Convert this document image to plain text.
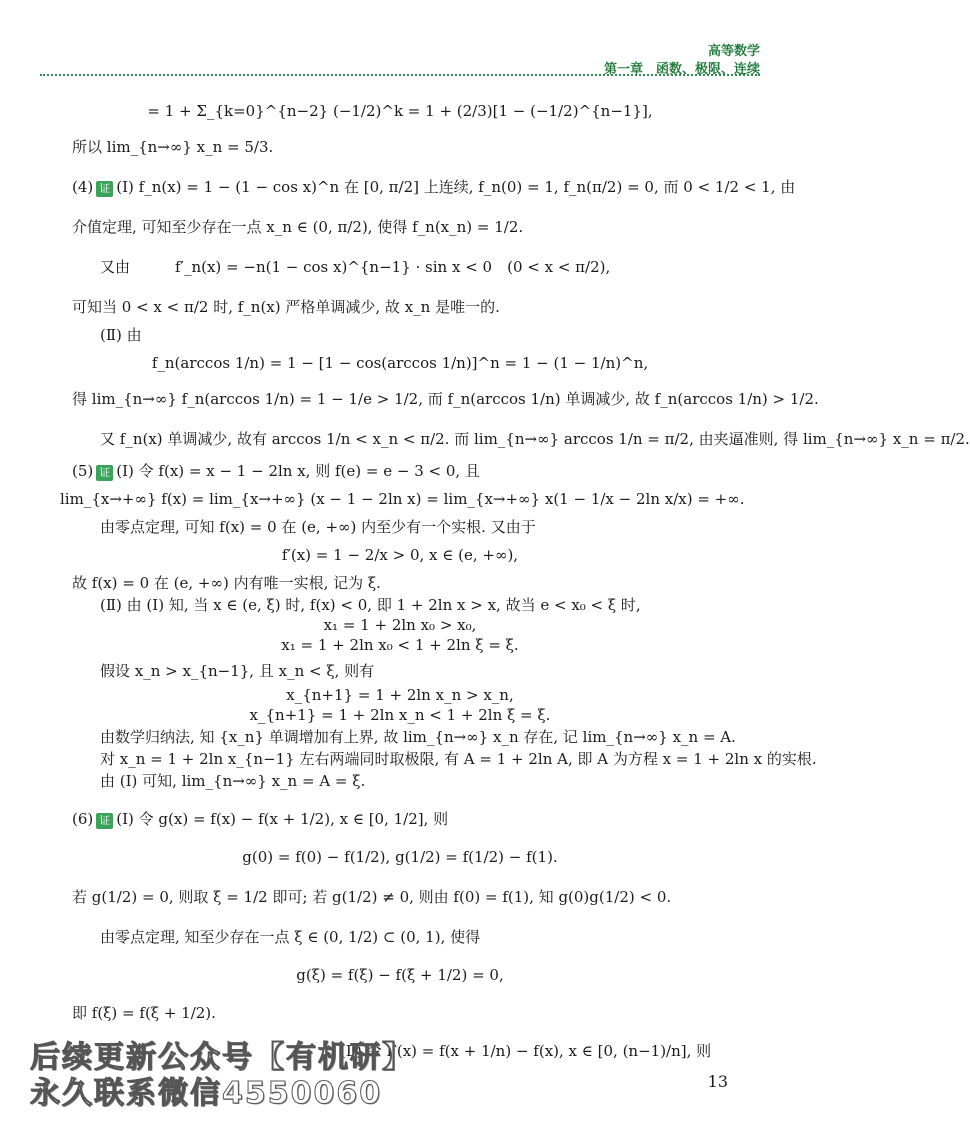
高等数学
第一章　函数、极限、连续
= 1 + Σ_{k=0}^{n−2} (−1/2)^k = 1 + (2/3)[1 − (−1/2)^{n−1}],
所以 lim_{n→∞} x_n = 5/3.
(4) 证 (Ⅰ) f_n(x) = 1 − (1 − cos x)^n 在 [0, π/2] 上连续, f_n(0) = 1, f_n(π/2) = 0, 而 0 < 1/2 < 1, 由
介值定理, 可知至少存在一点 x_n ∈ (0, π/2), 使得 f_n(x_n) = 1/2.
又由　　　f′_n(x) = −n(1 − cos x)^{n−1} · sin x < 0　(0 < x < π/2),
可知当 0 < x < π/2 时, f_n(x) 严格单调减少, 故 x_n 是唯一的.
(Ⅱ) 由
f_n(arccos 1/n) = 1 − [1 − cos(arccos 1/n)]^n = 1 − (1 − 1/n)^n,
得 lim_{n→∞} f_n(arccos 1/n) = 1 − 1/e > 1/2, 而 f_n(arccos 1/n) 单调减少, 故 f_n(arccos 1/n) > 1/2.
又 f_n(x) 单调减少, 故有 arccos 1/n < x_n < π/2. 而 lim_{n→∞} arccos 1/n = π/2, 由夹逼准则, 得 lim_{n→∞} x_n = π/2.
(5) 证 (Ⅰ) 令 f(x) = x − 1 − 2ln x, 则 f(e) = e − 3 < 0, 且
lim_{x→+∞} f(x) = lim_{x→+∞} (x − 1 − 2ln x) = lim_{x→+∞} x(1 − 1/x − 2ln x/x) = +∞.
由零点定理, 可知 f(x) = 0 在 (e, +∞) 内至少有一个实根. 又由于
f′(x) = 1 − 2/x > 0, x ∈ (e, +∞),
故 f(x) = 0 在 (e, +∞) 内有唯一实根, 记为 ξ.
(Ⅱ) 由 (Ⅰ) 知, 当 x ∈ (e, ξ) 时, f(x) < 0, 即 1 + 2ln x > x, 故当 e < x₀ < ξ 时,
x₁ = 1 + 2ln x₀ > x₀,
x₁ = 1 + 2ln x₀ < 1 + 2ln ξ = ξ.
假设 x_n > x_{n−1}, 且 x_n < ξ, 则有
x_{n+1} = 1 + 2ln x_n > x_n,
x_{n+1} = 1 + 2ln x_n < 1 + 2ln ξ = ξ.
由数学归纳法, 知 {x_n} 单调增加有上界, 故 lim_{n→∞} x_n 存在, 记 lim_{n→∞} x_n = A.
对 x_n = 1 + 2ln x_{n−1} 左右两端同时取极限, 有 A = 1 + 2ln A, 即 A 为方程 x = 1 + 2ln x 的实根.
由 (Ⅰ) 可知, lim_{n→∞} x_n = A = ξ.
(6) 证 (Ⅰ) 令 g(x) = f(x) − f(x + 1/2), x ∈ [0, 1/2], 则
g(0) = f(0) − f(1/2), g(1/2) = f(1/2) − f(1).
若 g(1/2) = 0, 则取 ξ = 1/2 即可; 若 g(1/2) ≠ 0, 则由 f(0) = f(1), 知 g(0)g(1/2) < 0.
由零点定理, 知至少存在一点 ξ ∈ (0, 1/2) ⊂ (0, 1), 使得
g(ξ) = f(ξ) − f(ξ + 1/2) = 0,
即 f(ξ) = f(ξ + 1/2).
(Ⅱ) 令 F(x) = f(x + 1/n) − f(x), x ∈ [0, (n−1)/n], 则
后续更新公众号【有机研】
永久联系微信4550060	13
